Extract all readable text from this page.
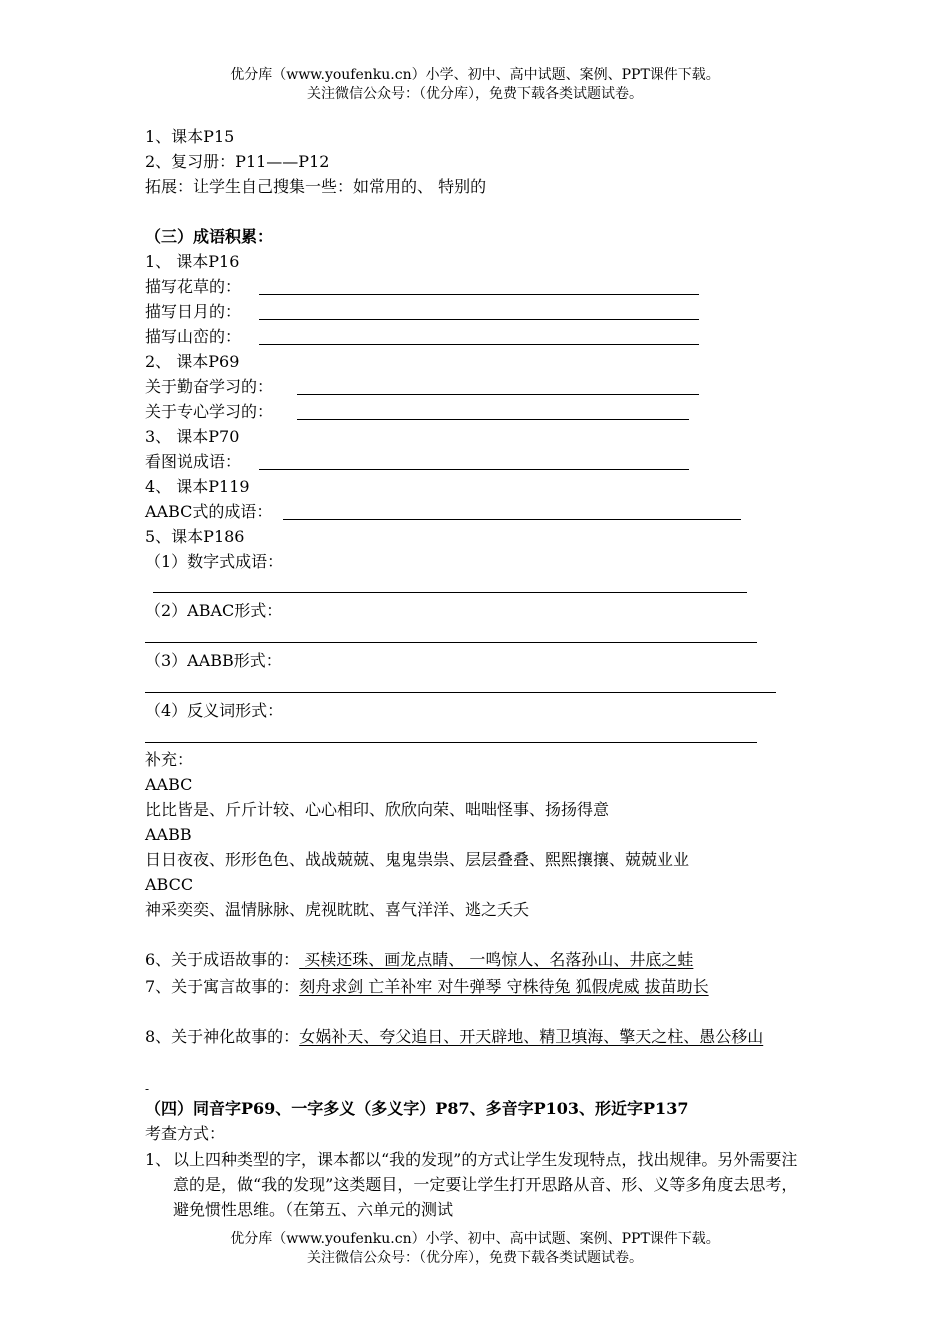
优分库（www.youfenku.cn）小学、初中、高中试题、案例、PPT课件下载。
关注微信公众号：（优分库），免费下载各类试题试卷。
1、课本P15
2、复习册：P11——P12
拓展：让学生自己搜集一些：如常用的、 特别的
（三）成语积累：
1、 课本P16
描写花草的：
描写日月的：
描写山峦的：
2、 课本P69
关于勤奋学习的：
关于专心学习的：
3、 课本P70
看图说成语：
4、 课本P119
AABC式的成语：
5、课本P186
（1）数字式成语：
（2）ABAC形式：
（3）AABB形式：
（4）反义词形式：
补充：
AABC
比比皆是、斤斤计较、心心相印、欣欣向荣、咄咄怪事、扬扬得意
AABB
日日夜夜、形形色色、战战兢兢、鬼鬼祟祟、层层叠叠、熙熙攘攘、兢兢业业
ABCC
神采奕奕、温情脉脉、虎视眈眈、喜气洋洋、逃之夭夭
6、关于成语故事的： 买椟还珠、画龙点睛、 一鸣惊人、名落孙山、井底之蛙
7、关于寓言故事的：刻舟求剑 亡羊补牢 对牛弹琴 守株待兔 狐假虎威 拔苗助长
8、关于神化故事的：女娲补天、夸父追日、开天辟地、精卫填海、擎天之柱、愚公移山
-
（四）同音字P69、一字多义（多义字）P87、多音字P103、形近字P137
考查方式：
1、 以上四种类型的字，课本都以“我的发现”的方式让学生发现特点，找出规律。另外需要注意的是，做“我的发现”这类题目，一定要让学生打开思路从音、形、义等多角度去思考，避免惯性思维。（在第五、六单元的测试
优分库（www.youfenku.cn）小学、初中、高中试题、案例、PPT课件下载。
关注微信公众号：（优分库），免费下载各类试题试卷。
